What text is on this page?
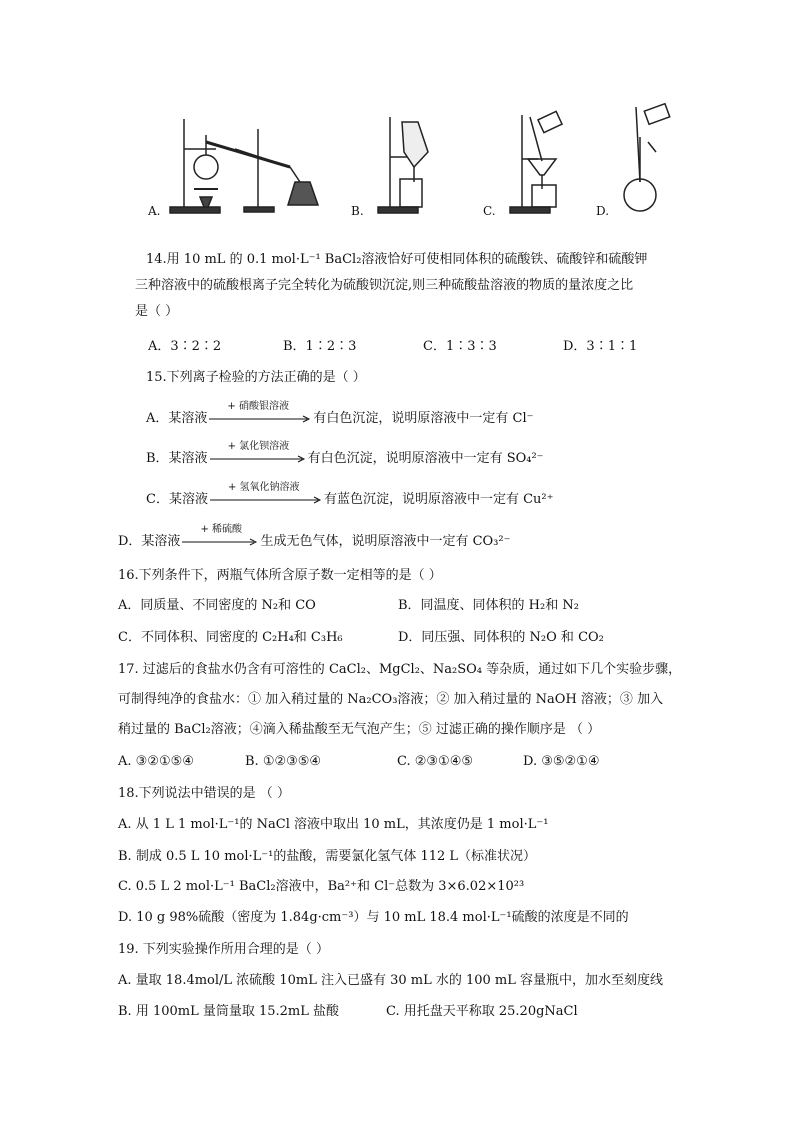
A.	B.	C.	D.
14.用 10 mL 的 0.1 mol·L⁻¹ BaCl₂溶液恰好可使相同体积的硫酸铁、硫酸锌和硫酸钾
三种溶液中的硫酸根离子完全转化为硫酸钡沉淀,则三种硫酸盐溶液的物质的量浓度之比
是（ ）
A．3∶2∶2	B．1∶2∶3	C．1∶3∶3	D．3∶1∶1
15.下列离子检验的方法正确的是（ ）
A．某溶液
+ 硝酸银溶液
有白色沉淀，说明原溶液中一定有 Cl⁻
B．某溶液
+ 氯化钡溶液
有白色沉淀，说明原溶液中一定有 SO₄²⁻
C．某溶液
+ 氢氧化钠溶液
有蓝色沉淀，说明原溶液中一定有 Cu²⁺
D．某溶液
+ 稀硫酸
生成无色气体，说明原溶液中一定有 CO₃²⁻
16.下列条件下，两瓶气体所含原子数一定相等的是（ ）
A．同质量、不同密度的 N₂和 CO	B．同温度、同体积的 H₂和 N₂
C．不同体积、同密度的 C₂H₄和 C₃H₆	D．同压强、同体积的 N₂O 和 CO₂
17. 过滤后的食盐水仍含有可溶性的 CaCl₂、MgCl₂、Na₂SO₄ 等杂质，通过如下几个实验步骤，
可制得纯净的食盐水：① 加入稍过量的 Na₂CO₃溶液；② 加入稍过量的 NaOH 溶液；③ 加入
稍过量的 BaCl₂溶液；④滴入稀盐酸至无气泡产生；⑤ 过滤正确的操作顺序是 （ ）
A. ③②①⑤④	B. ①②③⑤④	C. ②③①④⑤	D. ③⑤②①④
18.下列说法中错误的是 （ ）
A. 从 1 L 1 mol·L⁻¹的 NaCl 溶液中取出 10 mL，其浓度仍是 1 mol·L⁻¹
B. 制成 0.5 L 10 mol·L⁻¹的盐酸，需要氯化氢气体 112 L（标准状况）
C. 0.5 L 2 mol·L⁻¹ BaCl₂溶液中，Ba²⁺和 Cl⁻总数为 3×6.02×10²³
D. 10 g 98%硫酸（密度为 1.84g·cm⁻³）与 10 mL 18.4 mol·L⁻¹硫酸的浓度是不同的
19. 下列实验操作所用合理的是（ ）
A. 量取 18.4mol/L 浓硫酸 10mL 注入已盛有 30 mL 水的 100 mL 容量瓶中，加水至刻度线
B. 用 100mL 量筒量取 15.2mL 盐酸	C. 用托盘天平称取 25.20gNaCl
